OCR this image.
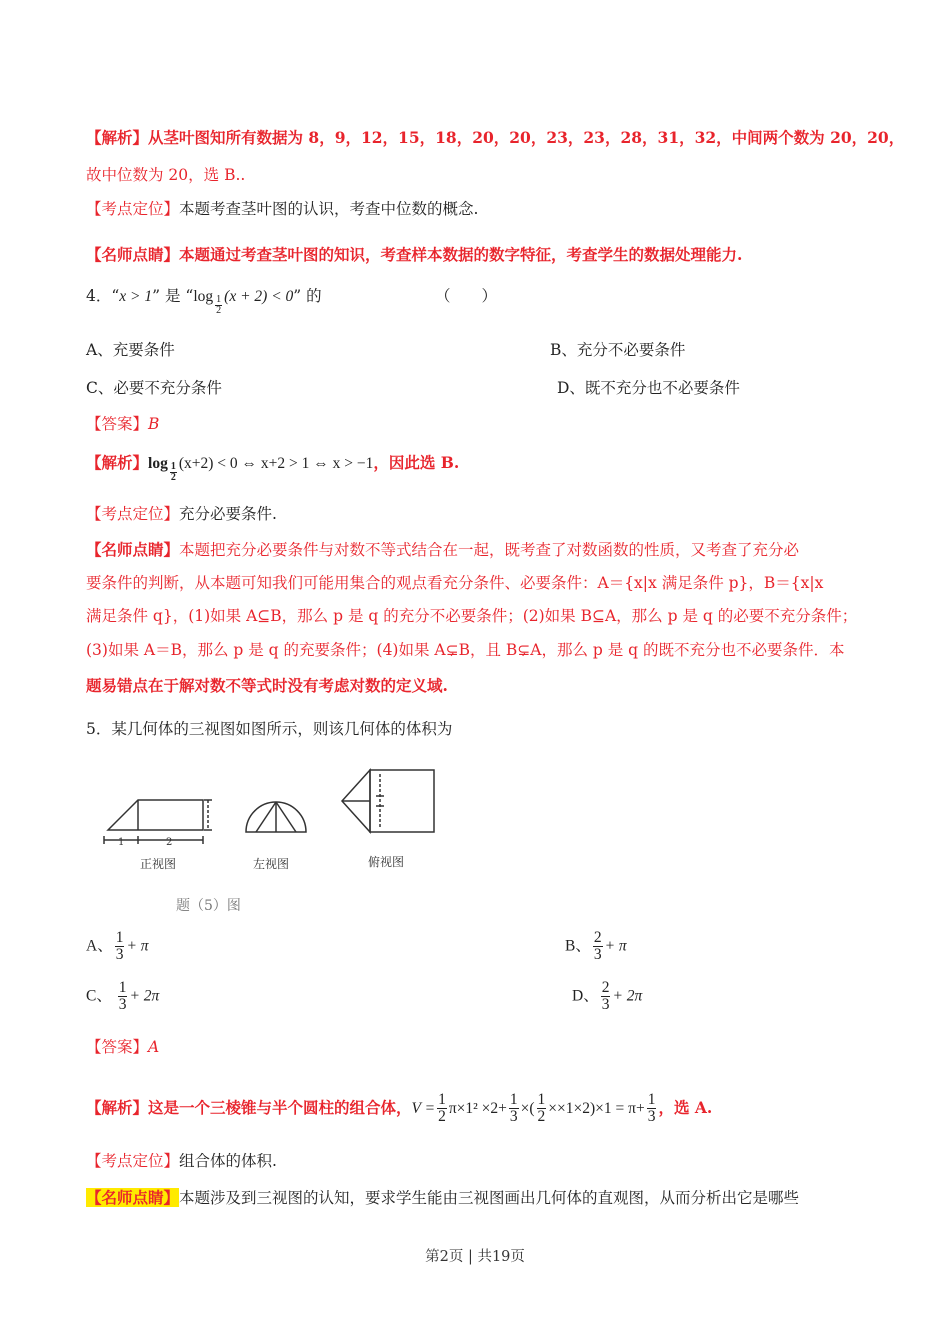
【解析】从茎叶图知所有数据为 8，9，12，15，18，20，20，23，23，28，31，32，中间两个数为 20，20，
故中位数为 20，选 B..
【考点定位】本题考查茎叶图的认识，考查中位数的概念.
【名师点睛】本题通过考查茎叶图的知识，考查样本数据的数字特征，考查学生的数据处理能力.
4．“x > 1” 是 “$\log \frac{1}{2} (x + 2) < 0$” 的	（　　）
A、充要条件	B、充分不必要条件
C、必要不充分条件	D、既不充分也不必要条件
【答案】B
【解析】$\log \frac{1}{2} (x+2) < 0$ ⇔ x+2 > 1 ⇔ x > −1，因此选 B.
【考点定位】充分必要条件.
【名师点睛】本题把充分必要条件与对数不等式结合在一起，既考查了对数函数的性质，又考查了充分必
要条件的判断，从本题可知我们可能用集合的观点看充分条件、必要条件：A＝{x|x 满足条件 p}，B＝{x|x
满足条件 q}，(1)如果 A⊆B，那么 p 是 q 的充分不必要条件；(2)如果 B⊆A，那么 p 是 q 的必要不充分条件；
(3)如果 A＝B，那么 p 是 q 的充要条件；(4)如果 A⊊B，且 B⊊A，那么 p 是 q 的既不充分也不必要条件．本
题易错点在于解对数不等式时没有考虑对数的定义域.
5．某几何体的三视图如图所示，则该几何体的体积为
1	2
正视图	左视图	俯视图
题（5）图
A、 $\frac{1}{3} + \pi$	B、 $\frac{2}{3} + \pi$
C、 $\frac{1}{3} + 2\pi$	D、 $\frac{2}{3} + 2\pi$
【答案】A
【解析】这是一个三棱锥与半个圆柱的组合体，$V = \frac{1}{2} \pi\times 1^2 \times 2+ \frac{1}{3}$ ×( $\frac{1}{2} \times\times 1\times 2)\times 1 = \pi+ \frac{1}{3}$ ，选 A.
【考点定位】组合体的体积.
【名师点睛】本题涉及到三视图的认知，要求学生能由三视图画出几何体的直观图，从而分析出它是哪些
第2页 | 共19页
